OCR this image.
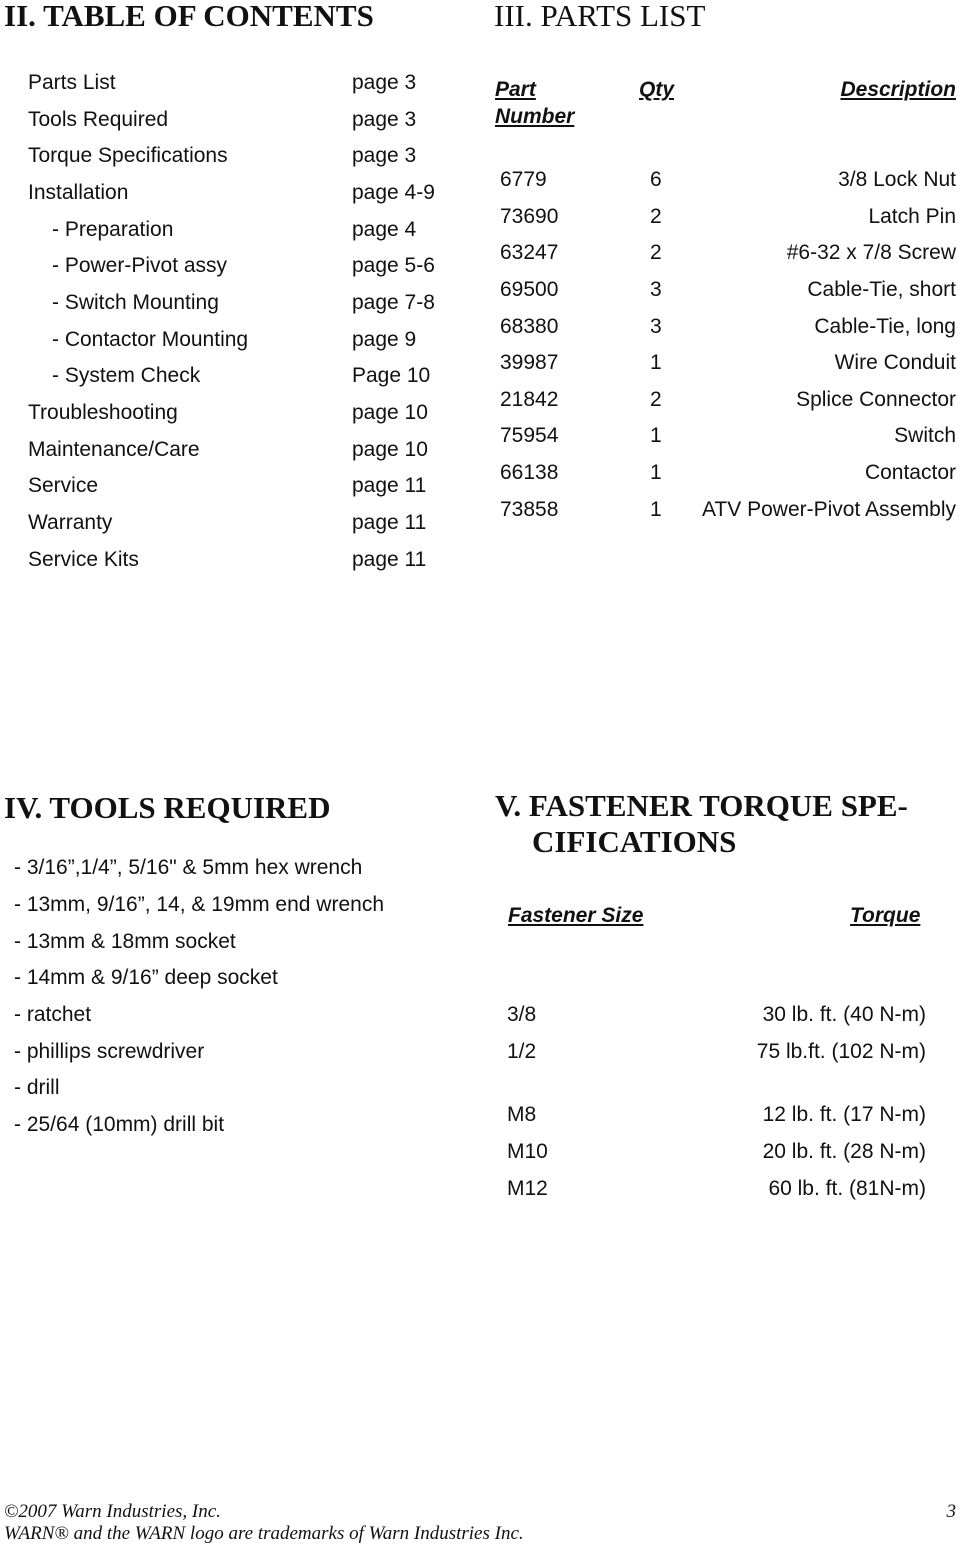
II. TABLE OF CONTENTS
Parts List	page 3
Tools Required	page 3
Torque Specifications	page 3
Installation	page 4-9
- Preparation	page 4
- Power-Pivot assy	page 5-6
- Switch Mounting	page 7-8
- Contactor Mounting	page 9
- System Check	Page 10
Troubleshooting	page 10
Maintenance/Care	page 10
Service	page 11
Warranty	page 11
Service Kits	page 11
III. PARTS LIST
Part
Number
Qty	Description
6779	6	3/8 Lock Nut
73690	2	Latch Pin
63247	2	#6-32 x 7/8 Screw
69500	3	Cable-Tie, short
68380	3	Cable-Tie, long
39987	1	Wire Conduit
21842	2	Splice Connector
75954	1	Switch
66138	1	Contactor
73858	1 ATV Power-Pivot Assembly
IV. TOOLS REQUIRED
- 3/16”,1/4”, 5/16" & 5mm hex wrench
- 13mm, 9/16”, 14, & 19mm end wrench
- 13mm & 18mm socket
- 14mm & 9/16” deep socket
- ratchet
- phillips screwdriver
- drill
- 25/64 (10mm) drill bit
V. FASTENER TORQUE SPE-
CIFICATIONS
Fastener Size	Torque
3/8	30 lb. ft. (40 N-m)
1/2	75 lb.ft. (102 N-m)
M8	12 lb. ft. (17 N-m)
M10	20 lb. ft. (28 N-m)
M12	60 lb. ft. (81N-m)
©2007 Warn Industries, Inc.	3
WARN® and the WARN logo are trademarks of Warn Industries Inc.
